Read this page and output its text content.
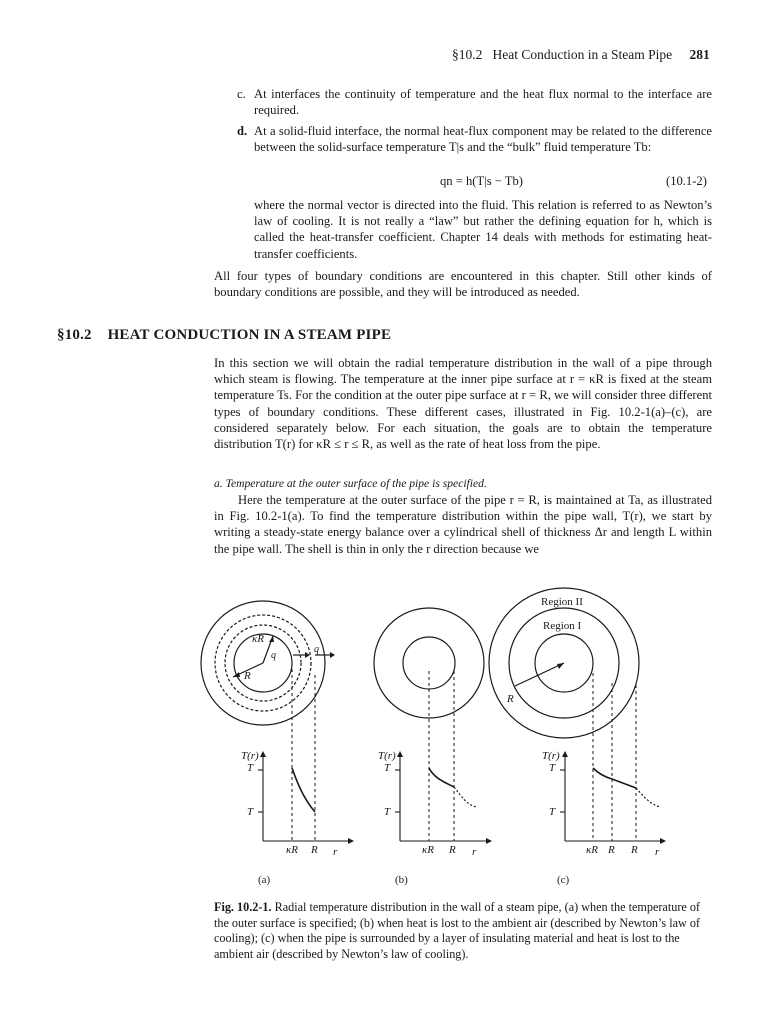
§10.2 Heat Conduction in a Steam Pipe 281
c. At interfaces the continuity of temperature and the heat flux normal to the interface are required.
d. At a solid-fluid interface, the normal heat-flux component may be related to the difference between the solid-surface temperature T|s and the “bulk” fluid temperature Tb:
qn = h(T|s − Tb)	(10.1-2)
where the normal vector is directed into the fluid. This relation is referred to as Newton’s law of cooling. It is not really a “law” but rather the defining equation for h, which is called the heat-transfer coefficient. Chapter 14 deals with methods for estimating heat-transfer coefficients.
All four types of boundary conditions are encountered in this chapter. Still other kinds of boundary conditions are possible, and they will be introduced as needed.
§10.2 HEAT CONDUCTION IN A STEAM PIPE
In this section we will obtain the radial temperature distribution in the wall of a pipe through which steam is flowing. The temperature at the inner pipe surface at r = κR is fixed at the steam temperature Ts. For the condition at the outer pipe surface at r = R, we will consider three different types of boundary conditions. These different cases, illustrated in Fig. 10.2-1(a)–(c), are considered separately below. For each situation, the goals are to obtain the temperature distribution T(r) for κR ≤ r ≤ R, as well as the rate of heat loss from the pipe.
a. Temperature at the outer surface of the pipe is specified.
Here the temperature at the outer surface of the pipe r = R, is maintained at Ta, as illustrated in Fig. 10.2-1(a). To find the temperature distribution within the pipe wall, T(r), we start by writing a steady-state energy balance over a cylindrical shell of thickness Δr and length L within the pipe wall. The shell is thin in only the r direction because we
κR
R
q
q
Region II
Region I
R
T(r)
T
T
T(r)
T
T
T(r)
T
T
κR R r	κR R r	κR R R r
(a)	(b)	(c)
Fig. 10.2-1. Radial temperature distribution in the wall of a steam pipe, (a) when the temperature of the outer surface is specified; (b) when heat is lost to the ambient air (described by Newton’s law of cooling); (c) when the pipe is surrounded by a layer of insulating material and heat is lost to the ambient air (described by Newton’s law of cooling).
